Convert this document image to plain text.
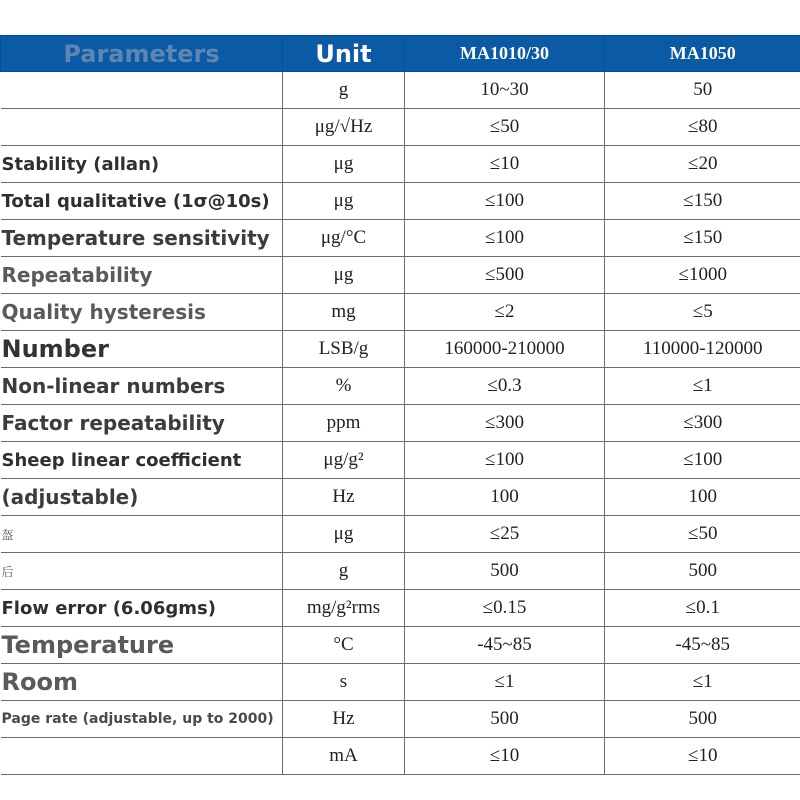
Parameters	Unit	MA1010/30	MA1050
	g	10~30	50
	μg/√Hz	≤50	≤80
Stability (allan)	μg	≤10	≤20
Total qualitative (1σ@10s)	μg	≤100	≤150
Temperature sensitivity	μg/°C	≤100	≤150
Repeatability	μg	≤500	≤1000
Quality hysteresis	mg	≤2	≤5
Number	LSB/g	160000-210000	110000-120000
Non-linear numbers	%	≤0.3	≤1
Factor repeatability	ppm	≤300	≤300
Sheep linear coefficient	μg/g²	≤100	≤100
(adjustable)	Hz	100	100
盔	μg	≤25	≤50
后	g	500	500
Flow error (6.06gms)	mg/g²rms	≤0.15	≤0.1
Temperature	°C	-45~85	-45~85
Room	s	≤1	≤1
Page rate (adjustable, up to 2000)	Hz	500	500
	mA	≤10	≤10
